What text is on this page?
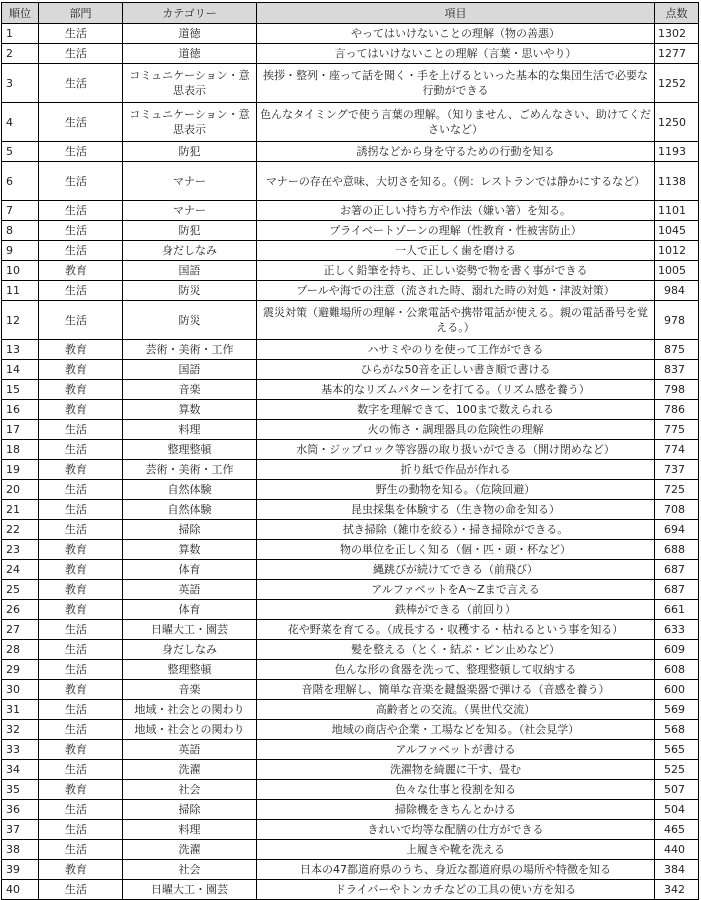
順位	部門	カテゴリー	項目	点数
1	生活	道徳	やってはいけないことの理解（物の善悪）	1302
2	生活	道徳	言ってはいけないことの理解（言葉・思いやり）	1277
3	生活	コミュニケーション・意思表示	挨拶・整列・座って話を聞く・手を上げるといった基本的な集団生活で必要な行動ができる	1252
4	生活	コミュニケーション・意思表示	色んなタイミングで使う言葉の理解。（知りません、ごめんなさい、助けてくださいなど）	1250
5	生活	防犯	誘拐などから身を守るための行動を知る	1193
6	生活	マナー	マナーの存在や意味、大切さを知る。（例：レストランでは静かにするなど）	1138
7	生活	マナー	お箸の正しい持ち方や作法（嫌い箸）を知る。	1101
8	生活	防犯	プライベートゾーンの理解（性教育・性被害防止）	1045
9	生活	身だしなみ	一人で正しく歯を磨ける	1012
10	教育	国語	正しく鉛筆を持ち、正しい姿勢で物を書く事ができる	1005
11	生活	防災	プールや海での注意（流された時、溺れた時の対処・津波対策）	984
12	生活	防災	震災対策（避難場所の理解・公衆電話や携帯電話が使える。親の電話番号を覚える。）	978
13	教育	芸術・美術・工作	ハサミやのりを使って工作ができる	875
14	教育	国語	ひらがな50音を正しい書き順で書ける	837
15	教育	音楽	基本的なリズムパターンを打てる。（リズム感を養う）	798
16	教育	算数	数字を理解できて、100まで数えられる	786
17	生活	料理	火の怖さ・調理器具の危険性の理解	775
18	生活	整理整頓	水筒・ジップロック等容器の取り扱いができる（開け閉めなど）	774
19	教育	芸術・美術・工作	折り紙で作品が作れる	737
20	生活	自然体験	野生の動物を知る。（危険回避）	725
21	生活	自然体験	昆虫採集を体験する（生き物の命を知る）	708
22	生活	掃除	拭き掃除（雑巾を絞る）・掃き掃除ができる。	694
23	教育	算数	物の単位を正しく知る（個・匹・頭・杯など）	688
24	教育	体育	縄跳びが続けてできる（前飛び）	687
25	教育	英語	アルファベットをA～Zまで言える	687
26	教育	体育	鉄棒ができる（前回り）	661
27	生活	日曜大工・園芸	花や野菜を育てる。（成長する・収穫する・枯れるという事を知る）	633
28	生活	身だしなみ	髪を整える（とく・結ぶ・ピン止めなど）	609
29	生活	整理整頓	色んな形の食器を洗って、整理整頓して収納する	608
30	教育	音楽	音階を理解し、簡単な音楽を鍵盤楽器で弾ける（音感を養う）	600
31	生活	地域・社会との関わり	高齢者との交流。（異世代交流）	569
32	生活	地域・社会との関わり	地域の商店や企業・工場などを知る。（社会見学）	568
33	教育	英語	アルファベットが書ける	565
34	生活	洗濯	洗濯物を綺麗に干す、畳む	525
35	教育	社会	色々な仕事と役割を知る	507
36	生活	掃除	掃除機をきちんとかける	504
37	生活	料理	きれいで均等な配膳の仕方ができる	465
38	生活	洗濯	上履きや靴を洗える	440
39	教育	社会	日本の47都道府県のうち、身近な都道府県の場所や特徴を知る	384
40	生活	日曜大工・園芸	ドライバーやトンカチなどの工具の使い方を知る	342
